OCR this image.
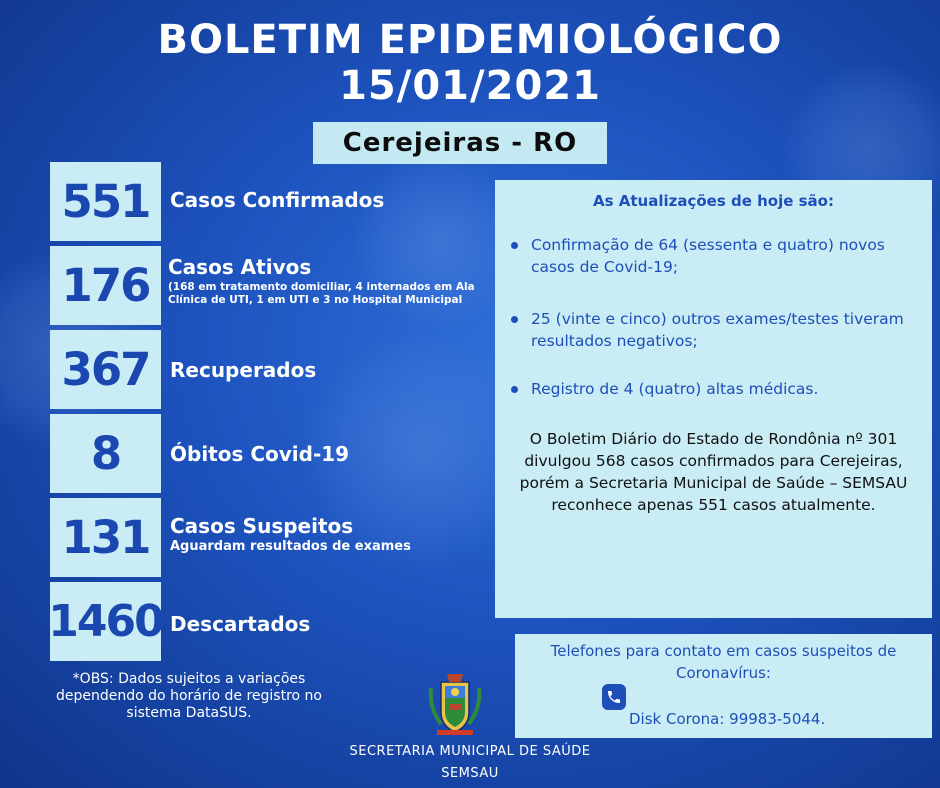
BOLETIM EPIDEMIOLÓGICO
15/01/2021
Cerejeiras - RO
551	Casos Confirmados
176 Casos Ativos
(168 em tratamento domiciliar, 4 internados em Ala Clínica de UTI, 1 em UTI e 3 no Hospital Municipal
367	Recuperados
8	Óbitos Covid-19
131	Casos Suspeitos
Aguardam resultados de exames
1460 Descartados
As Atualizações de hoje são:
Confirmação de 64 (sessenta e quatro) novos casos de Covid-19;
25 (vinte e cinco) outros exames/testes tiveram resultados negativos;
Registro de 4 (quatro) altas médicas.
O Boletim Diário do Estado de Rondônia nº 301 divulgou 568 casos confirmados para Cerejeiras, porém a Secretaria Municipal de Saúde – SEMSAU reconhece apenas 551 casos atualmente.
Telefones para contato em casos suspeitos de Coronavírus:
Disk Corona: 99983-5044.
*OBS: Dados sujeitos a variações dependendo do horário de registro no sistema DataSUS.
SECRETARIA MUNICIPAL DE SAÚDE
SEMSAU
